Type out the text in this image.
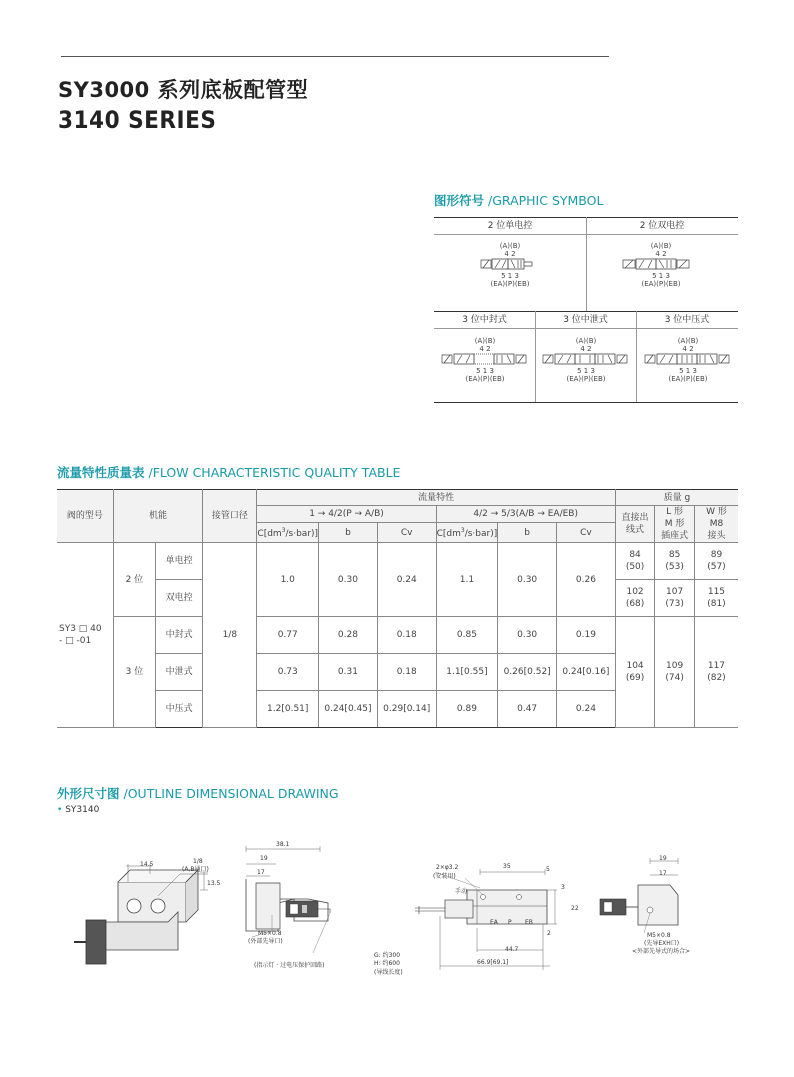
SY3000 系列底板配管型
3140 SERIES
图形符号 /GRAPHIC SYMBOL
2 位单电控	2 位双电控
(A)(B)
4 2
5 1 3
(EA)(P)(EB)
(A)(B)
4 2
5 1 3
(EA)(P)(EB)
3 位中封式	3 位中泄式	3 位中压式
(A)(B)
4 2
5 1 3
(EA)(P)(EB)
(A)(B)
4 2
5 1 3
(EA)(P)(EB)
(A)(B)
4 2
5 1 3
(EA)(P)(EB)
流量特性质量表 /FLOW CHARACTERISTIC QUALITY TABLE
阀的型号	机能		接管口径	流量特性						质量 g		
				1 → 4/2(P → A/B)			4/2 → 5/3(A/B → EA/EB)			直接出线式	L 形
M 形
插座式	W 形
M8
接头
				$C[dm^3/s\cdot bar)$]	b	Cv	$C[dm^3/s\cdot bar)$]	b	Cv			
SY3 □ 40
- □ -01	2 位	单电控	1/8	1.0	0.30	0.24	1.1	0.30	0.26	84
(50)	85
(53)	89
(57)
		双电控								102
(68)	107
(73)	115
(81)
	3 位	中封式		0.77	0.28	0.18	0.85	0.30	0.19	104
(69)	109
(74)	117
(82)
		中泄式		0.73	0.31	0.18	1.1[0.55]	0.26[0.52]	0.24[0.16]			
		中压式		1.2[0.51]	0.24[0.45]	0.29[0.14]	0.89	0.47	0.24			
外形尺寸图 /OUTLINE DIMENSIONAL DRAWING
• SY3140
14.5	1/8
(A,B通口)
13.5
38.1
19
17
M5×0.8
(外部先导口)
(指示灯 · 过电压保护回路)
2×φ3.2
(安装用)
手动
35	5
3
22
2
EA P EB
44.7
66.9[69.1]
G: 约300
H: 约600
(导线长度)
19
17
M5×0.8
(先导EXH口)
<外部先导式的场合>
